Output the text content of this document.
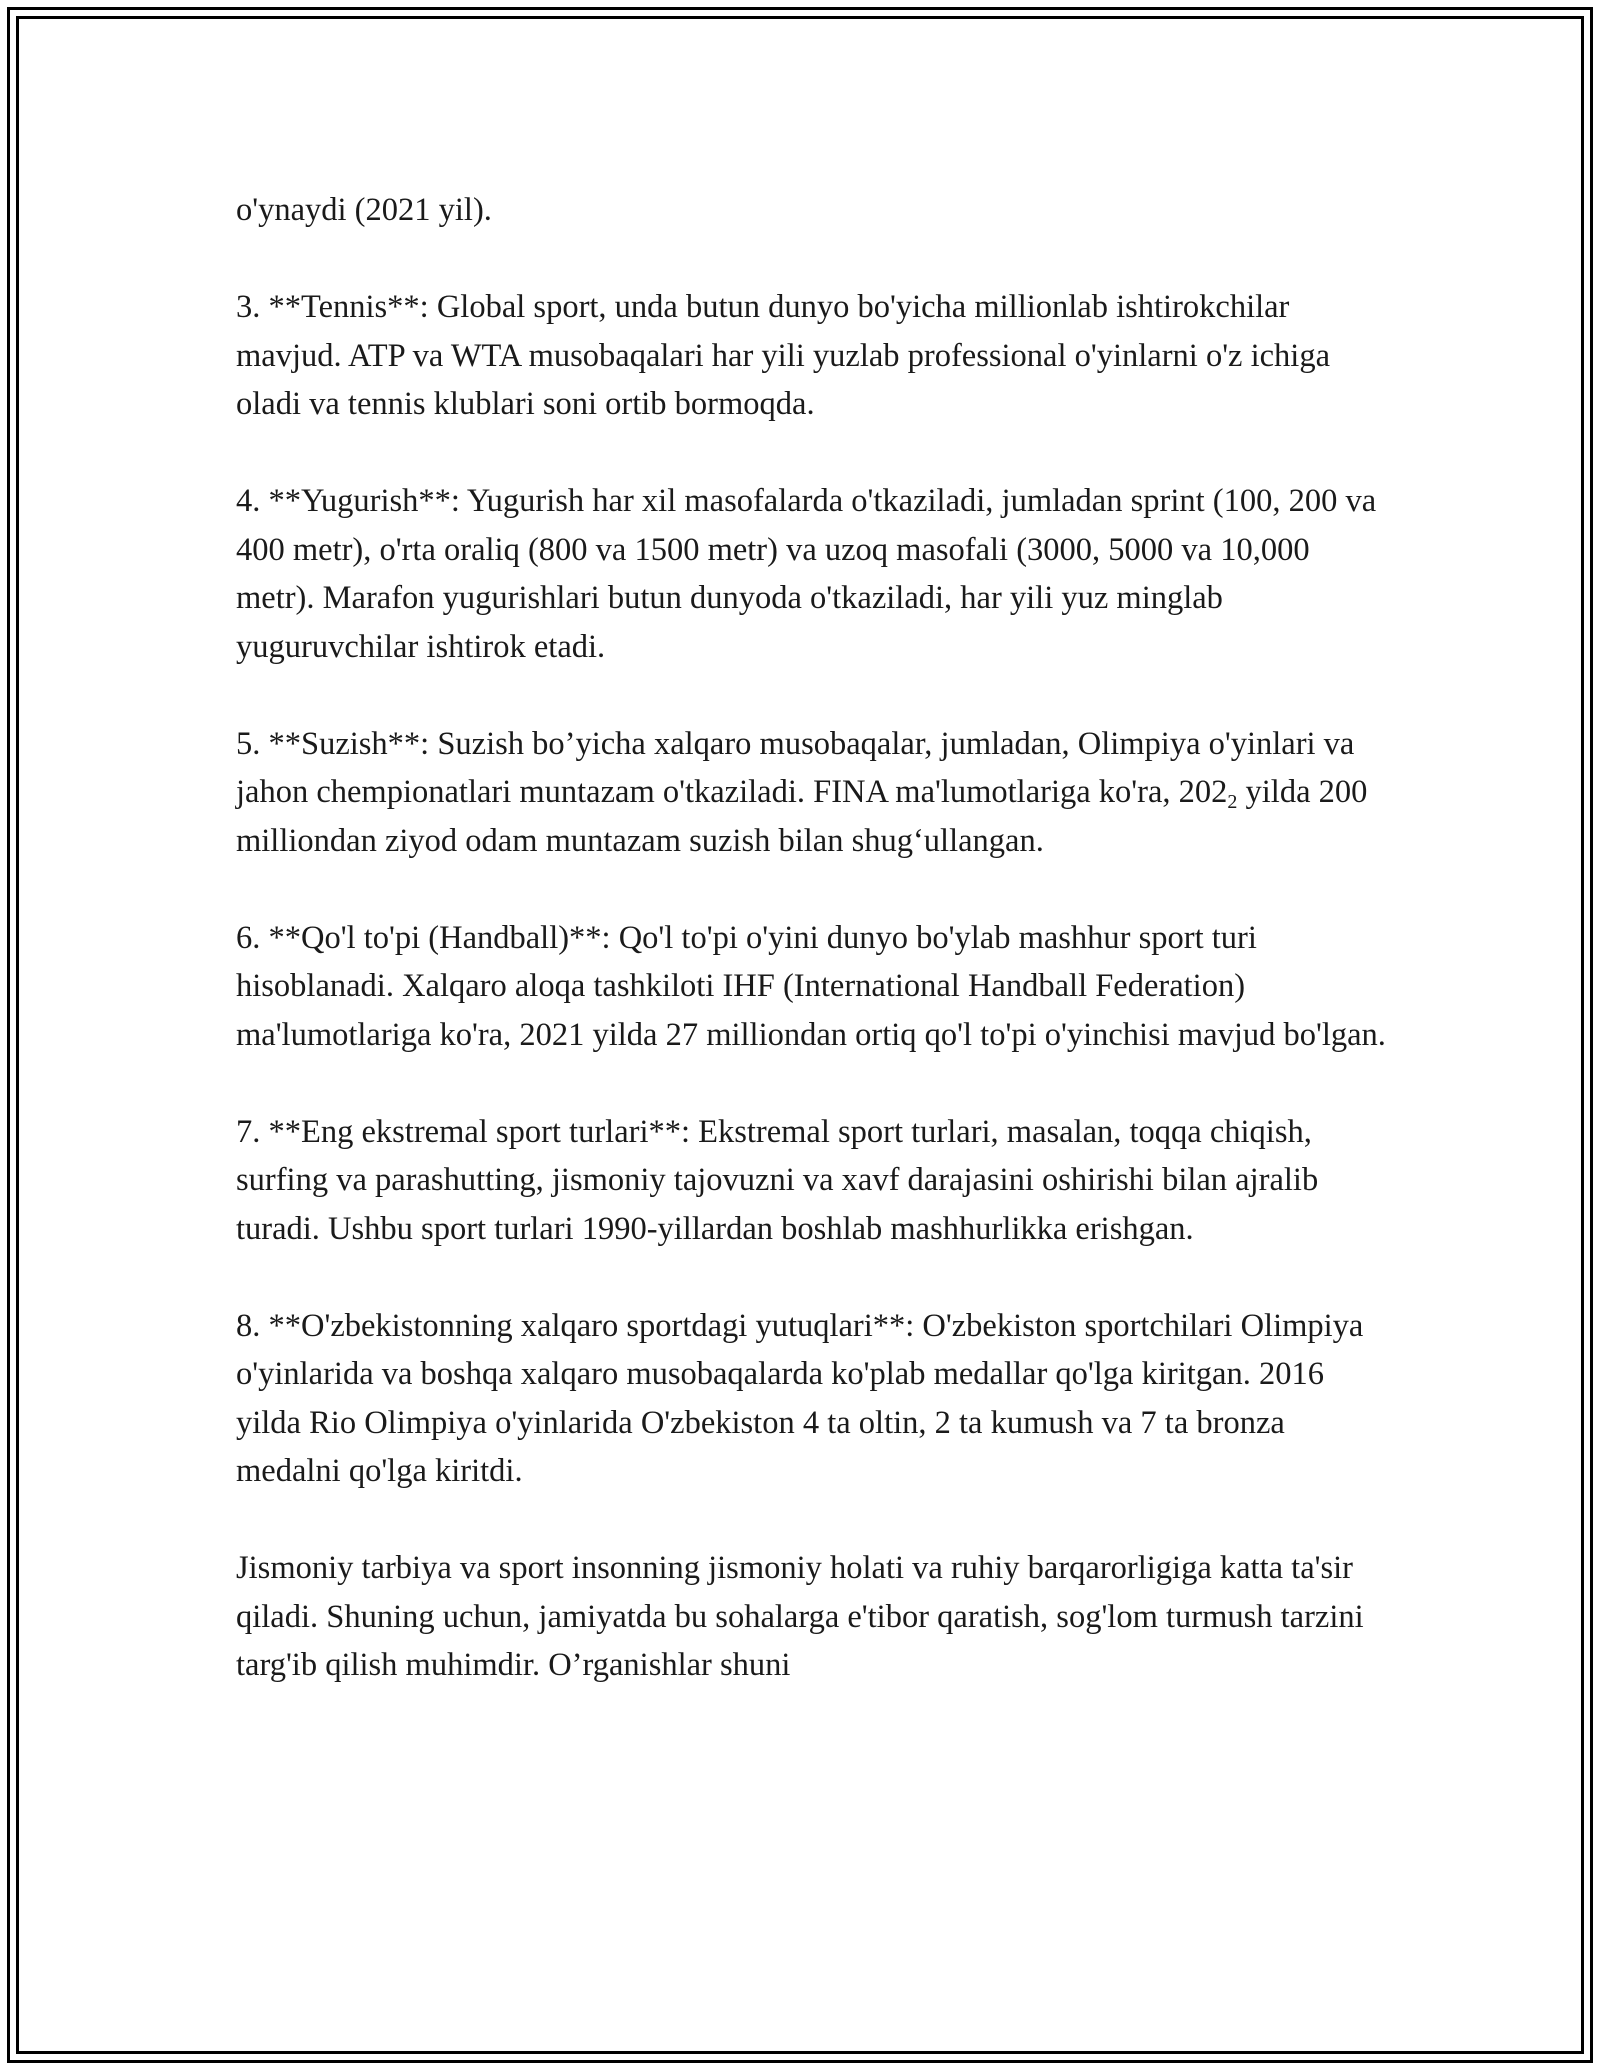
o'ynaydi (2021 yil).

3. **Tennis**: Global sport, unda butun dunyo bo'yicha millionlab ishtirokchilar mavjud. ATP va WTA musobaqalari har yili yuzlab professional o'yinlarni o'z ichiga oladi va tennis klublari soni ortib bormoqda.

4. **Yugurish**: Yugurish har xil masofalarda o'tkaziladi, jumladan sprint (100, 200 va 400 metr), o'rta oraliq (800 va 1500 metr) va uzoq masofali (3000, 5000 va 10,000 metr). Marafon yugurishlari butun dunyoda o'tkaziladi, har yili yuz minglab yuguruvchilar ishtirok etadi.

5. **Suzish**: Suzish bo’yicha xalqaro musobaqalar, jumladan, Olimpiya o'yinlari va jahon chempionatlari muntazam o'tkaziladi. FINA ma'lumotlariga ko'ra, $202_2$ yilda 200 milliondan ziyod odam muntazam suzish bilan shug‘ullangan.

6. **Qo'l to'pi (Handball)**: Qo'l to'pi o'yini dunyo bo'ylab mashhur sport turi hisoblanadi. Xalqaro aloqa tashkiloti IHF (International Handball Federation) ma'lumotlariga ko'ra, 2021 yilda 27 milliondan ortiq qo'l to'pi o'yinchisi mavjud bo'lgan.

7. **Eng ekstremal sport turlari**: Ekstremal sport turlari, masalan, toqqa chiqish, surfing va parashutting, jismoniy tajovuzni va xavf darajasini oshirishi bilan ajralib turadi. Ushbu sport turlari 1990-yillardan boshlab mashhurlikka erishgan.

8. **O'zbekistonning xalqaro sportdagi yutuqlari**: O'zbekiston sportchilari Olimpiya o'yinlarida va boshqa xalqaro musobaqalarda ko'plab medallar qo'lga kiritgan. 2016 yilda Rio Olimpiya o'yinlarida O'zbekiston 4 ta oltin, 2 ta kumush va 7 ta bronza medalni qo'lga kiritdi.

Jismoniy tarbiya va sport insonning jismoniy holati va ruhiy barqarorligiga katta ta'sir qiladi. Shuning uchun, jamiyatda bu sohalarga e'tibor qaratish, sog'lom turmush tarzini targ'ib qilish muhimdir. O’rganishlar shuni
